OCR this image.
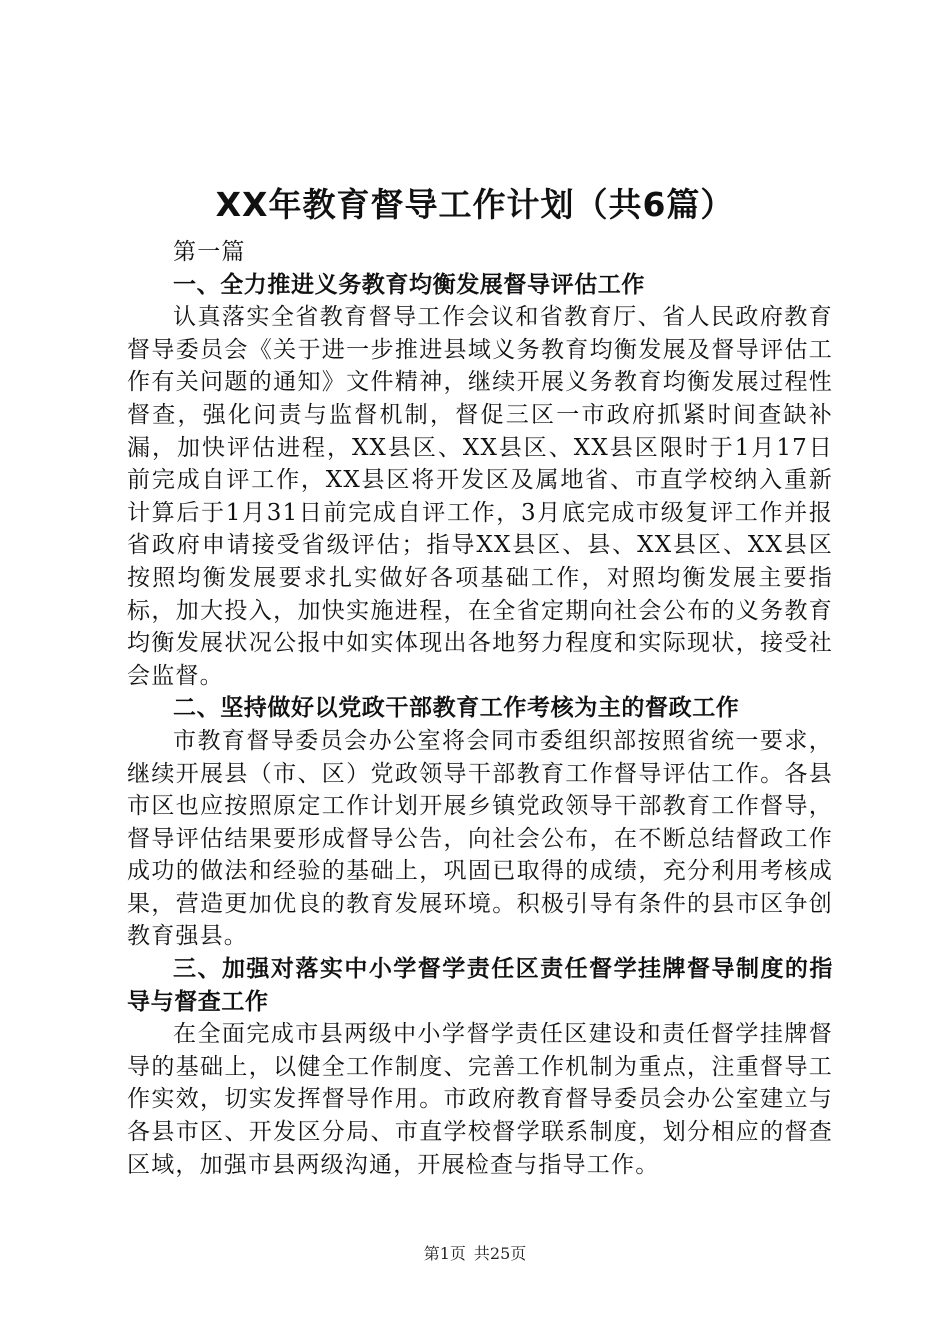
XX年教育督导工作计划（共6篇）

第一篇

一、全力推进义务教育均衡发展督导评估工作

认真落实全省教育督导工作会议和省教育厅、省人民政府教育督导委员会《关于进一步推进县域义务教育均衡发展及督导评估工作有关问题的通知》文件精神，继续开展义务教育均衡发展过程性督查，强化问责与监督机制，督促三区一市政府抓紧时间查缺补漏，加快评估进程，XX县区、XX县区、XX县区限时于1月17日前完成自评工作，XX县区将开发区及属地省、市直学校纳入重新计算后于1月31日前完成自评工作，3月底完成市级复评工作并报省政府申请接受省级评估；指导XX县区、县、XX县区、XX县区按照均衡发展要求扎实做好各项基础工作，对照均衡发展主要指标，加大投入，加快实施进程，在全省定期向社会公布的义务教育均衡发展状况公报中如实体现出各地努力程度和实际现状，接受社会监督。

二、坚持做好以党政干部教育工作考核为主的督政工作

市教育督导委员会办公室将会同市委组织部按照省统一要求，继续开展县（市、区）党政领导干部教育工作督导评估工作。各县市区也应按照原定工作计划开展乡镇党政领导干部教育工作督导，督导评估结果要形成督导公告，向社会公布，在不断总结督政工作成功的做法和经验的基础上，巩固已取得的成绩，充分利用考核成果，营造更加优良的教育发展环境。积极引导有条件的县市区争创教育强县。

三、加强对落实中小学督学责任区责任督学挂牌督导制度的指导与督查工作

在全面完成市县两级中小学督学责任区建设和责任督学挂牌督导的基础上，以健全工作制度、完善工作机制为重点，注重督导工作实效，切实发挥督导作用。市政府教育督导委员会办公室建立与各县市区、开发区分局、市直学校督学联系制度，划分相应的督查区域，加强市县两级沟通，开展检查与指导工作。

第1页 共25页
